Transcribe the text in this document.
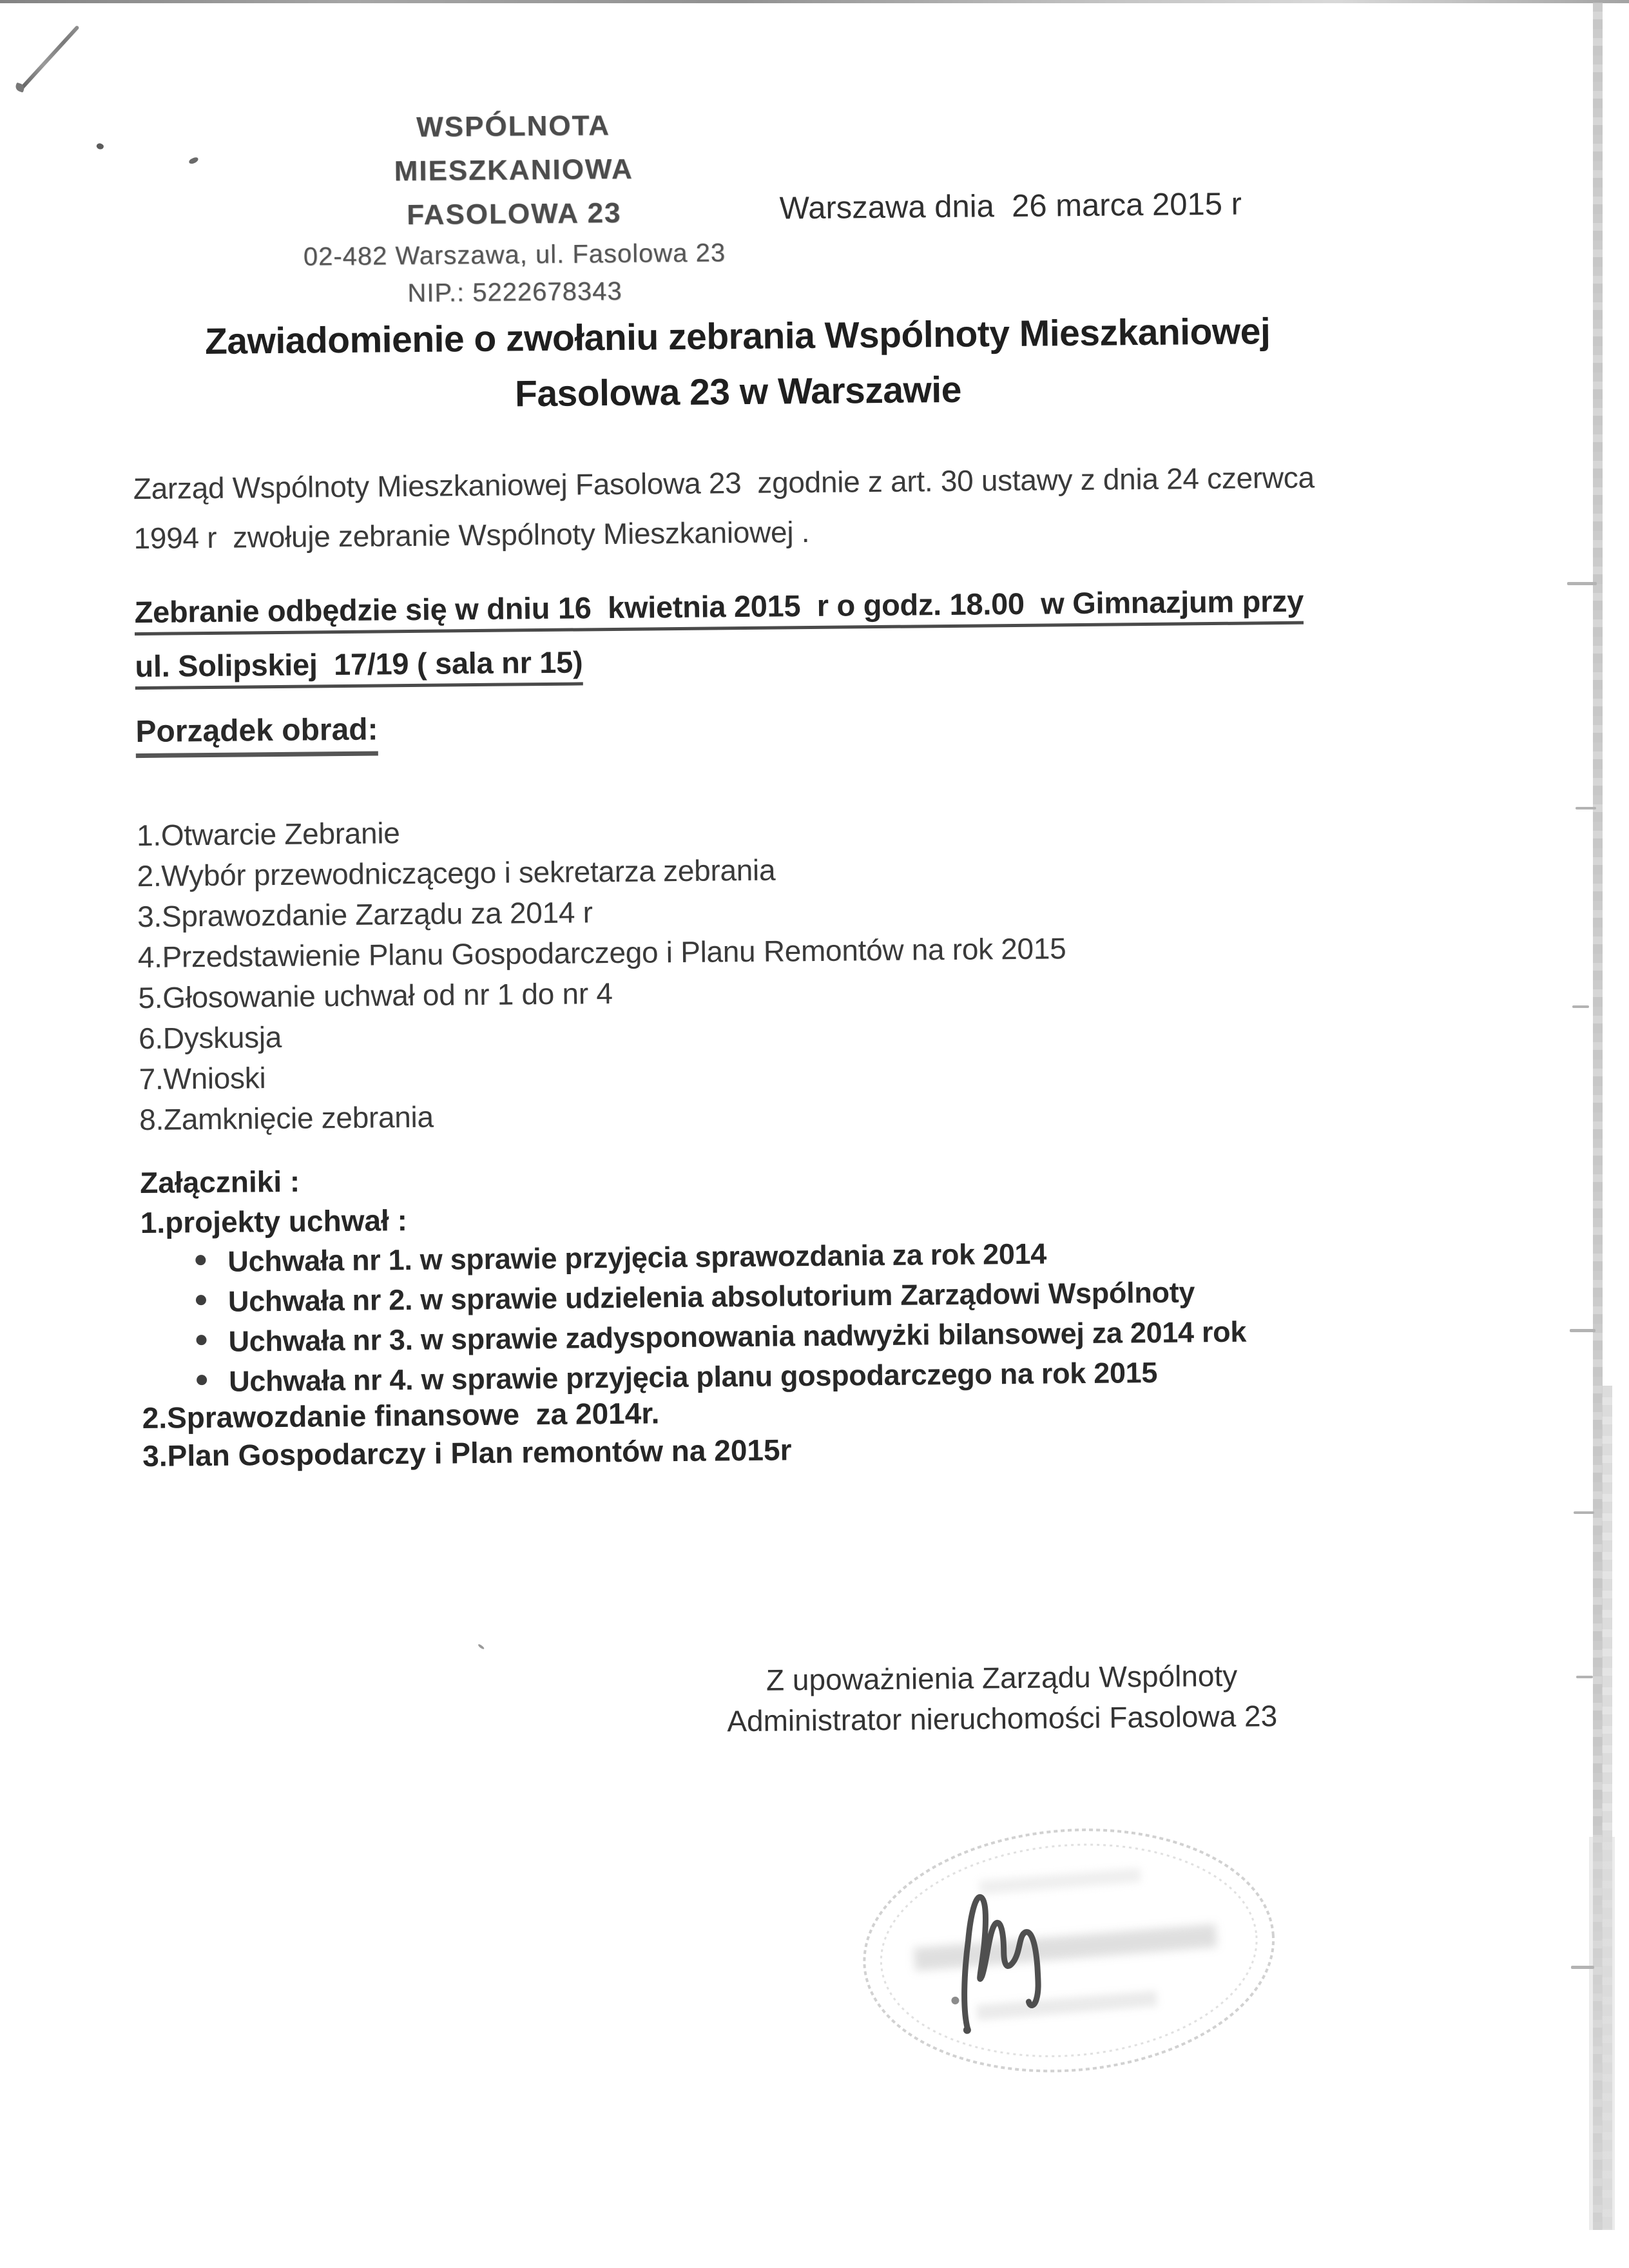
WSPÓLNOTA MIESZKANIOWA
FASOLOWA 23
02-482 Warszawa, ul. Fasolowa 23
NIP.: 5222678343
Warszawa dnia  26 marca 2015 r
Zawiadomienie o zwołaniu zebrania Wspólnoty Mieszkaniowej
Fasolowa 23 w Warszawie
Zarząd Wspólnoty Mieszkaniowej Fasolowa 23  zgodnie z art. 30 ustawy z dnia 24 czerwca
1994 r  zwołuje zebranie Wspólnoty Mieszkaniowej .
Zebranie odbędzie się w dniu 16  kwietnia 2015  r o godz. 18.00  w Gimnazjum przy
ul. Solipskiej  17/19 ( sala nr 15)
Porządek obrad:
1.Otwarcie Zebranie
2.Wybór przewodniczącego i sekretarza zebrania
3.Sprawozdanie Zarządu za 2014 r
4.Przedstawienie Planu Gospodarczego i Planu Remontów na rok 2015
5.Głosowanie uchwał od nr 1 do nr 4
6.Dyskusja
7.Wnioski
8.Zamknięcie zebrania
Załączniki :
1.projekty uchwał :
Uchwała nr 1. w sprawie przyjęcia sprawozdania za rok 2014
Uchwała nr 2. w sprawie udzielenia absolutorium Zarządowi Wspólnoty
Uchwała nr 3. w sprawie zadysponowania nadwyżki bilansowej za 2014 rok
Uchwała nr 4. w sprawie przyjęcia planu gospodarczego na rok 2015
2.Sprawozdanie finansowe  za 2014r.
3.Plan Gospodarczy i Plan remontów na 2015r
Z upoważnienia Zarządu Wspólnoty
Administrator nieruchomości Fasolowa 23
